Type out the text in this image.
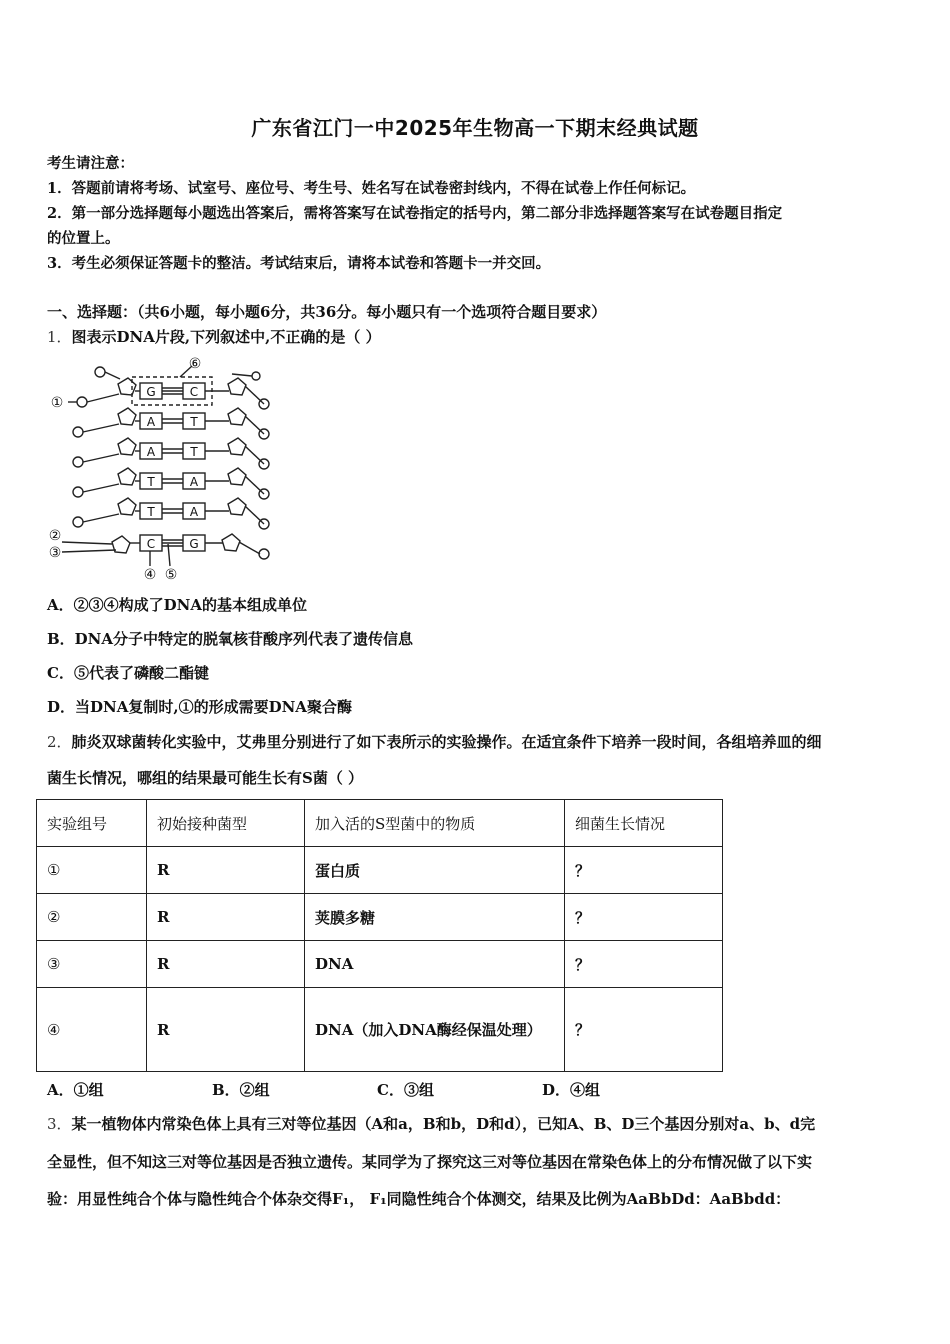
广东省江门一中2025年生物高一下期末经典试题
考生请注意：
1．答题前请将考场、试室号、座位号、考生号、姓名写在试卷密封线内，不得在试卷上作任何标记。
2．第一部分选择题每小题选出答案后，需将答案写在试卷指定的括号内，第二部分非选择题答案写在试卷题目指定
的位置上。
3．考生必须保证答题卡的整洁。考试结束后，请将本试卷和答题卡一并交回。
一、选择题：（共6小题，每小题6分，共36分。每小题只有一个选项符合题目要求）
1．图表示DNA片段,下列叙述中,不正确的是（ ）
G	C
A	T
A	T
T	A
T	A
C	G
①
②
③
④ ⑤
⑥
A．②③④构成了DNA的基本组成单位
B．DNA分子中特定的脱氧核苷酸序列代表了遗传信息
C．⑤代表了磷酸二酯键
D．当DNA复制时,①的形成需要DNA聚合酶
2．肺炎双球菌转化实验中，艾弗里分别进行了如下表所示的实验操作。在适宜条件下培养一段时间，各组培养皿的细
菌生长情况，哪组的结果最可能生长有S菌（ ）
实验组号	初始接种菌型	加入活的S型菌中的物质	细菌生长情况
①	R	蛋白质	？
②	R	荚膜多糖	？
③	R	DNA	？
④	R	DNA（加入DNA酶经保温处理）	？
A．①组	B．②组	C．③组	D．④组
3．某一植物体内常染色体上具有三对等位基因（A和a，B和b，D和d），已知A、B、D三个基因分别对a、b、d完
全显性，但不知这三对等位基因是否独立遗传。某同学为了探究这三对等位基因在常染色体上的分布情况做了以下实
验：用显性纯合个体与隐性纯合个体杂交得F₁， F₁同隐性纯合个体测交，结果及比例为AaBbDd：AaBbdd：
